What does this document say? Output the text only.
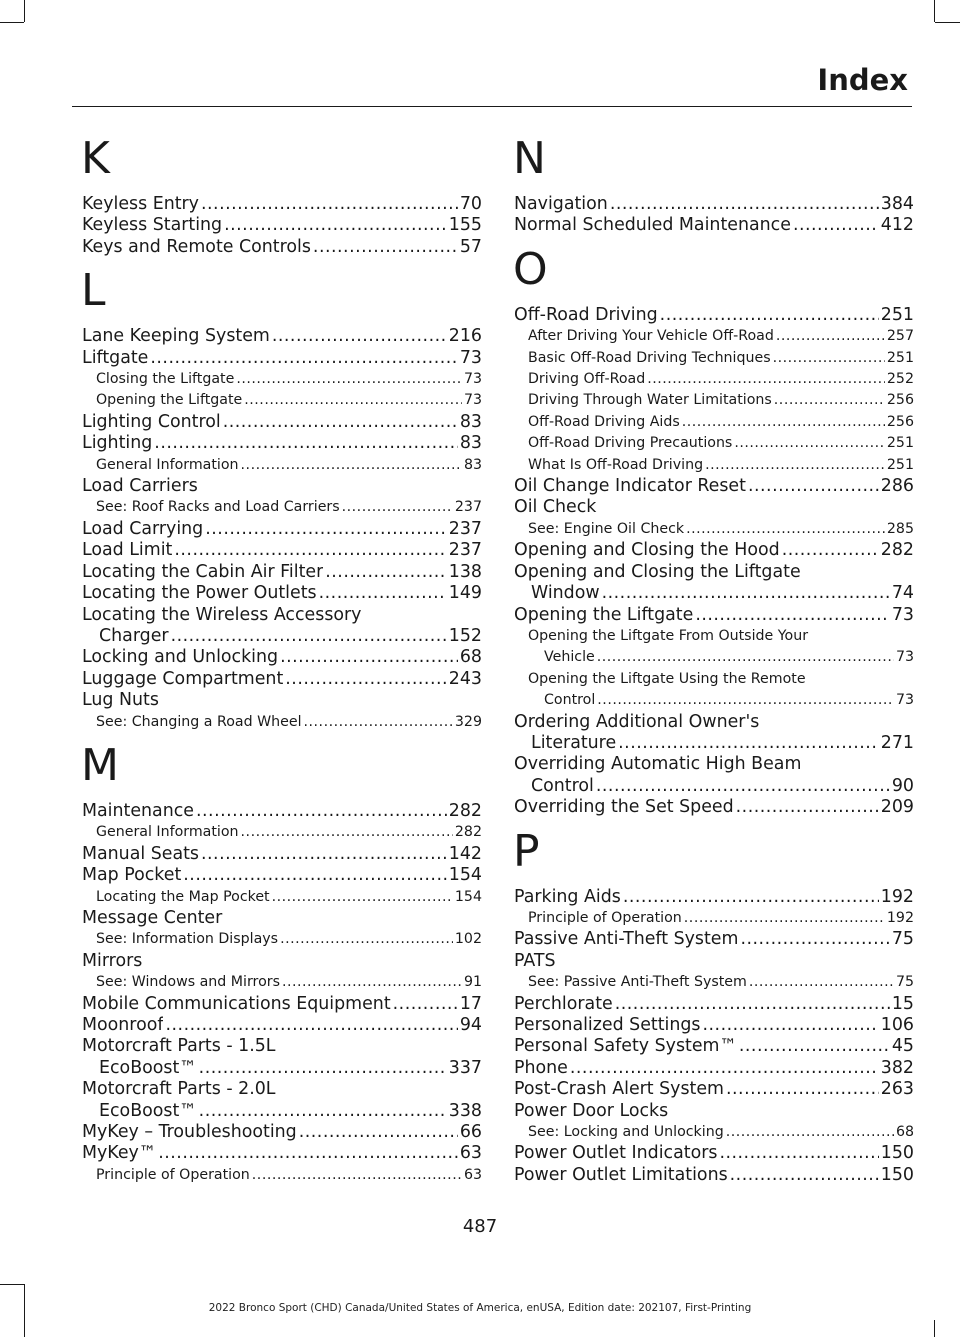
Index
K
Keyless Entry .....	70
Keyless Starting .....	155
Keys and Remote Controls .....	57
L
Lane Keeping System .....	216
Liftgate .....	73
Closing the Liftgate .....	73
Opening the Liftgate .....	73
Lighting Control .....	83
Lighting .....	83
General Information .....	83
Load Carriers
See: Roof Racks and Load Carriers .....	237
Load Carrying .....	237
Load Limit .....	237
Locating the Cabin Air Filter .....	138
Locating the Power Outlets .....	149
Locating the Wireless Accessory
Charger .....	152
Locking and Unlocking .....	68
Luggage Compartment .....	243
Lug Nuts
See: Changing a Road Wheel .....	329
M
Maintenance .....	282
General Information .....	282
Manual Seats .....	142
Map Pocket .....	154
Locating the Map Pocket .....	154
Message Center
See: Information Displays .....	102
Mirrors
See: Windows and Mirrors .....	91
Mobile Communications Equipment .....	17
Moonroof .....	94
Motorcraft Parts - 1.5L
EcoBoost™ .....	337
Motorcraft Parts - 2.0L
EcoBoost™ .....	338
MyKey – Troubleshooting .....	66
MyKey™ .....	63
Principle of Operation .....	63
N
Navigation .....	384
Normal Scheduled Maintenance .....	412
O
Off-Road Driving .....	251
After Driving Your Vehicle Off-Road .....	257
Basic Off-Road Driving Techniques .....	251
Driving Off-Road .....	252
Driving Through Water Limitations .....	256
Off-Road Driving Aids .....	256
Off-Road Driving Precautions .....	251
What Is Off-Road Driving .....	251
Oil Change Indicator Reset .....	286
Oil Check
See: Engine Oil Check .....	285
Opening and Closing the Hood .....	282
Opening and Closing the Liftgate
Window .....	74
Opening the Liftgate .....	73
Opening the Liftgate From Outside Your
Vehicle .....	73
Opening the Liftgate Using the Remote
Control .....	73
Ordering Additional Owner's
Literature .....	271
Overriding Automatic High Beam
Control .....	90
Overriding the Set Speed .....	209
P
Parking Aids .....	192
Principle of Operation .....	192
Passive Anti-Theft System .....	75
PATS
See: Passive Anti-Theft System .....	75
Perchlorate .....	15
Personalized Settings .....	106
Personal Safety System™ .....	45
Phone .....	382
Post-Crash Alert System .....	263
Power Door Locks
See: Locking and Unlocking .....	68
Power Outlet Indicators .....	150
Power Outlet Limitations .....	150
487
2022 Bronco Sport (CHD) Canada/United States of America, enUSA, Edition date: 202107, First-Printing
